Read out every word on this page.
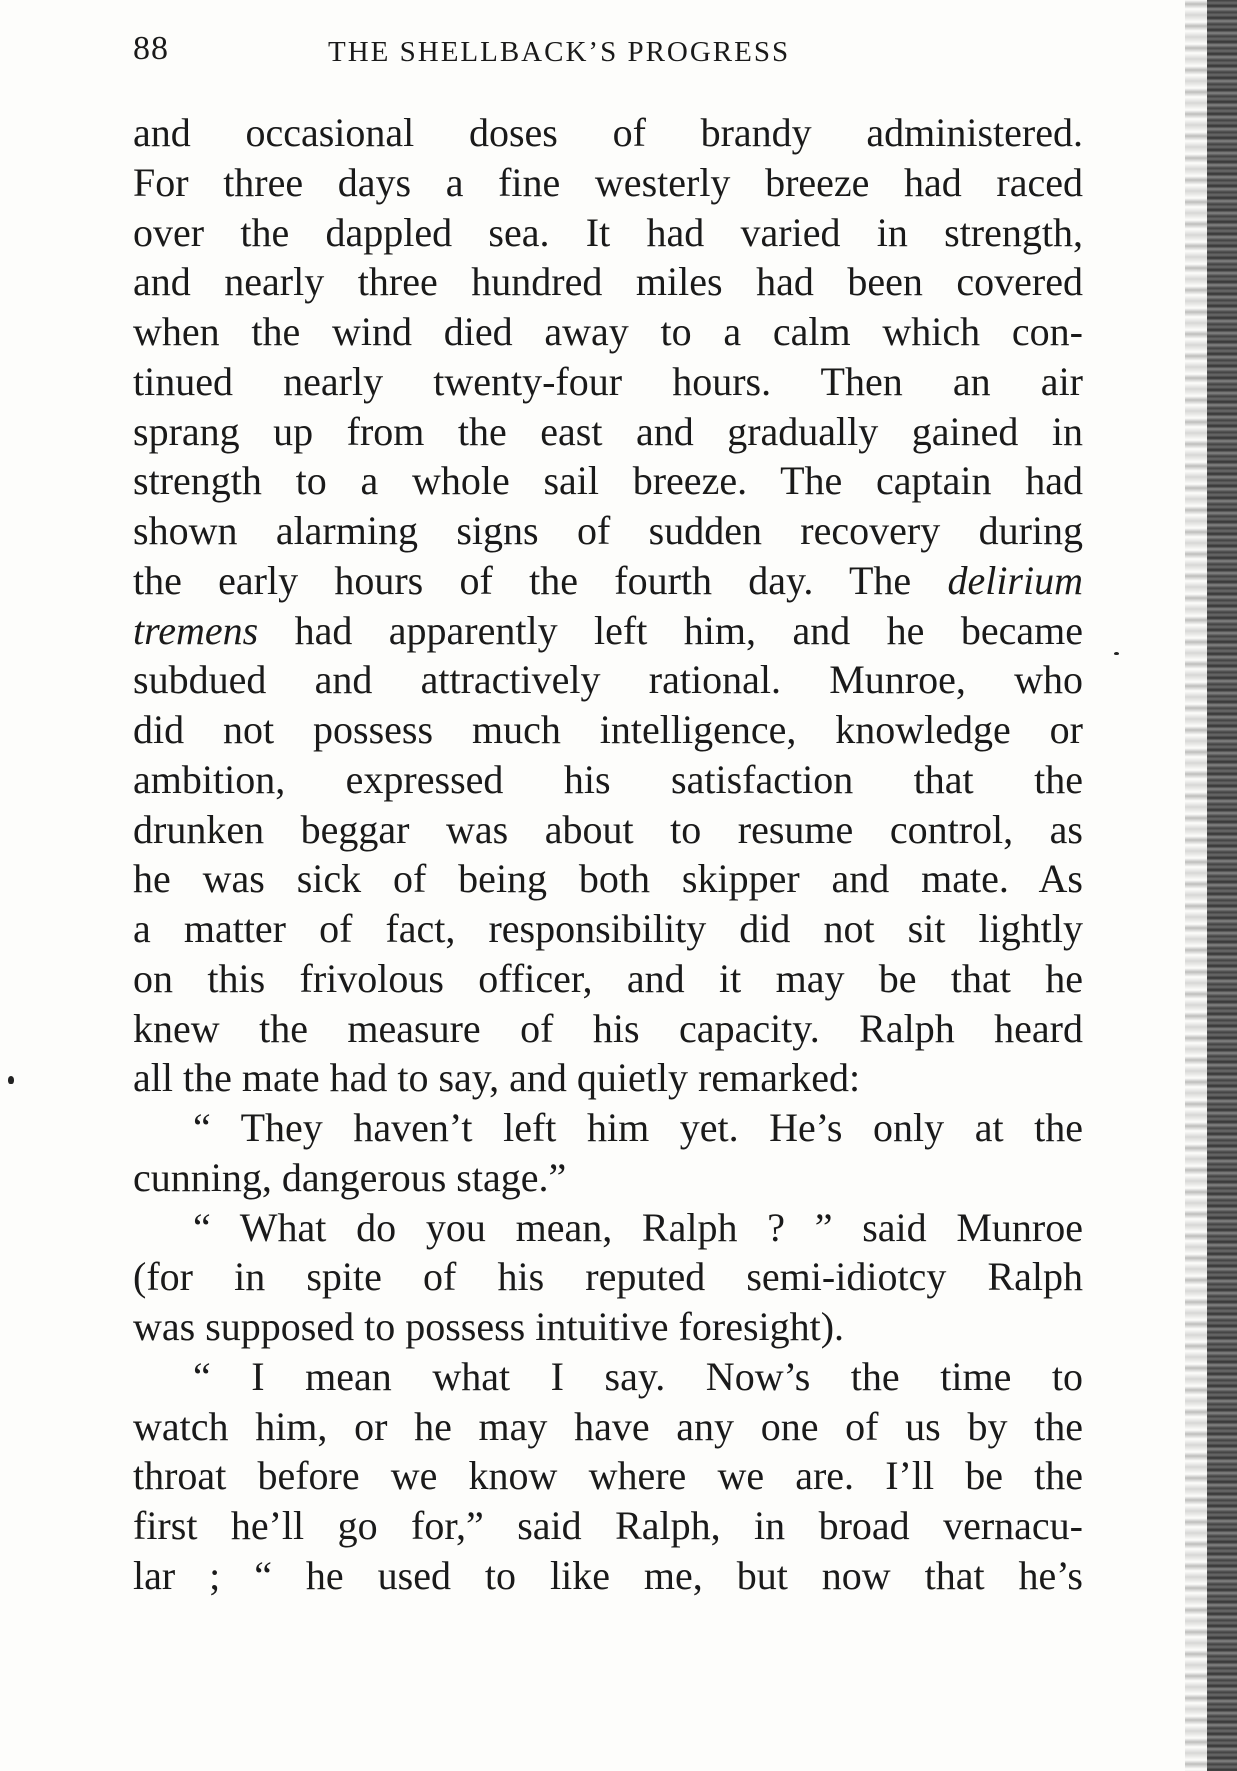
88	THE SHELLBACK’S PROGRESS
and occasional doses of brandy administered.
For three days a fine westerly breeze had raced
over the dappled sea. It had varied in strength,
and nearly three hundred miles had been covered
when the wind died away to a calm which con-
tinued nearly twenty-four hours. Then an air
sprang up from the east and gradually gained in
strength to a whole sail breeze. The captain had
shown alarming signs of sudden recovery during
the early hours of the fourth day. The delirium
tremens had apparently left him, and he became
subdued and attractively rational. Munroe, who
did not possess much intelligence, knowledge or
ambition, expressed his satisfaction that the
drunken beggar was about to resume control, as
he was sick of being both skipper and mate. As
a matter of fact, responsibility did not sit lightly
on this frivolous officer, and it may be that he
knew the measure of his capacity. Ralph heard
all the mate had to say, and quietly remarked:
“ They haven’t left him yet. He’s only at the
cunning, dangerous stage.”
“ What do you mean, Ralph ? ” said Munroe
(for in spite of his reputed semi-idiotcy Ralph
was supposed to possess intuitive foresight).
“ I mean what I say. Now’s the time to
watch him, or he may have any one of us by the
throat before we know where we are. I’ll be the
first he’ll go for,” said Ralph, in broad vernacu-
lar ; “ he used to like me, but now that he’s
